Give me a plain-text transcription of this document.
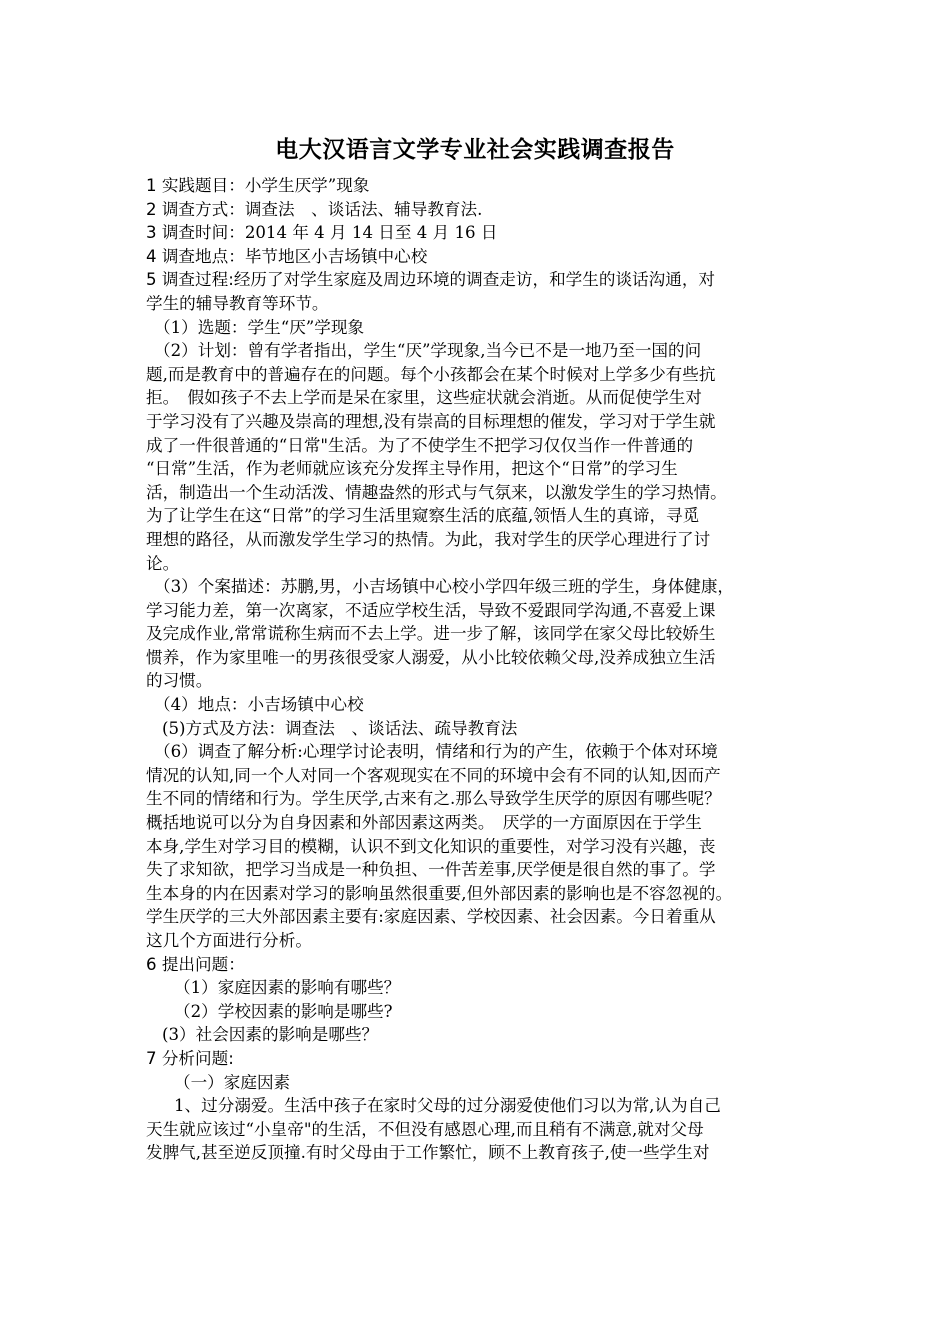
电大汉语言文学专业社会实践调查报告
1 实践题目：小学生厌学”现象
2 调查方式：调查法　、谈话法、辅导教育法.
3 调查时间：2014 年 4 月 14 日至 4 月 16 日
4 调查地点：毕节地区小吉场镇中心校
5 调查过程:经历了对学生家庭及周边环境的调查走访，和学生的谈话沟通，对
学生的辅导教育等环节。
（1）选题：学生“厌”学现象
（2）计划：曾有学者指出，学生“厌”学现象,当今已不是一地乃至一国的问
题,而是教育中的普遍存在的问题。每个小孩都会在某个时候对上学多少有些抗
拒。　假如孩子不去上学而是呆在家里，这些症状就会消逝。从而促使学生对
于学习没有了兴趣及崇高的理想,没有崇高的目标理想的催发，学习对于学生就
成了一件很普通的“日常"生活。为了不使学生不把学习仅仅当作一件普通的
“日常”生活，作为老师就应该充分发挥主导作用，把这个“日常”的学习生
活，制造出一个生动活泼、情趣盎然的形式与气氛来，以激发学生的学习热情。
为了让学生在这“日常”的学习生活里窥察生活的底蕴,领悟人生的真谛，寻觅
理想的路径，从而激发学生学习的热情。为此，我对学生的厌学心理进行了讨
论。
（3）个案描述：苏鹏,男，小吉场镇中心校小学四年级三班的学生，身体健康，
学习能力差，第一次离家，不适应学校生活，导致不爱跟同学沟通,不喜爱上课
及完成作业,常常谎称生病而不去上学。进一步了解，该同学在家父母比较娇生
惯养，作为家里唯一的男孩很受家人溺爱，从小比较依赖父母,没养成独立生活
的习惯。
（4）地点：小吉场镇中心校
(5)方式及方法：调查法　、谈话法、疏导教育法
（6）调查了解分析:心理学讨论表明，情绪和行为的产生，依赖于个体对环境
情况的认知,同一个人对同一个客观现实在不同的环境中会有不同的认知,因而产
生不同的情绪和行为。学生厌学,古来有之.那么导致学生厌学的原因有哪些呢？
概括地说可以分为自身因素和外部因素这两类。　厌学的一方面原因在于学生
本身,学生对学习目的模糊，认识不到文化知识的重要性，对学习没有兴趣，丧
失了求知欲，把学习当成是一种负担、一件苦差事,厌学便是很自然的事了。学
生本身的内在因素对学习的影响虽然很重要,但外部因素的影响也是不容忽视的。
学生厌学的三大外部因素主要有:家庭因素、学校因素、社会因素。今日着重从
这几个方面进行分析。
6 提出问题：
（1）家庭因素的影响有哪些？
（2）学校因素的影响是哪些?
(3）社会因素的影响是哪些？
7 分析问题:
（一）家庭因素
1、过分溺爱。生活中孩子在家时父母的过分溺爱使他们习以为常,认为自己
天生就应该过“小皇帝"的生活，不但没有感恩心理,而且稍有不满意,就对父母
发脾气,甚至逆反顶撞.有时父母由于工作繁忙，顾不上教育孩子,使一些学生对
